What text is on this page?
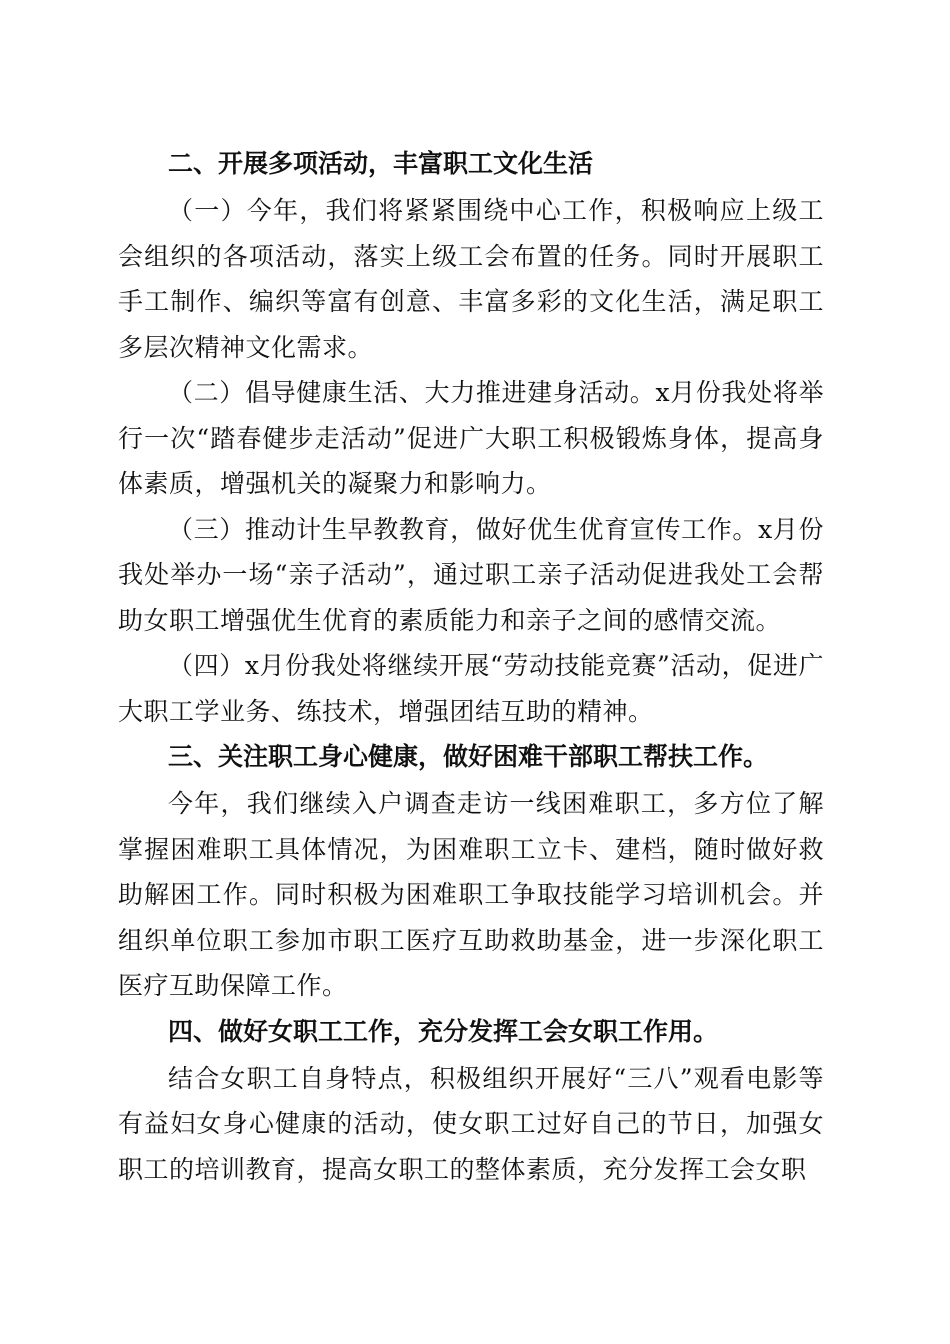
二、开展多项活动，丰富职工文化生活

（一）今年，我们将紧紧围绕中心工作，积极响应上级工会组织的各项活动，落实上级工会布置的任务。同时开展职工手工制作、编织等富有创意、丰富多彩的文化生活，满足职工多层次精神文化需求。

（二）倡导健康生活、大力推进建身活动。x月份我处将举行一次“踏春健步走活动”促进广大职工积极锻炼身体，提高身体素质，增强机关的凝聚力和影响力。

（三）推动计生早教教育，做好优生优育宣传工作。x月份我处举办一场“亲子活动”，通过职工亲子活动促进我处工会帮助女职工增强优生优育的素质能力和亲子之间的感情交流。

（四）x月份我处将继续开展“劳动技能竞赛”活动，促进广大职工学业务、练技术，增强团结互助的精神。

三、关注职工身心健康，做好困难干部职工帮扶工作。

今年，我们继续入户调查走访一线困难职工，多方位了解掌握困难职工具体情况，为困难职工立卡、建档，随时做好救助解困工作。同时积极为困难职工争取技能学习培训机会。并组织单位职工参加市职工医疗互助救助基金，进一步深化职工医疗互助保障工作。

四、做好女职工工作，充分发挥工会女职工作用。

结合女职工自身特点，积极组织开展好“三八”观看电影等有益妇女身心健康的活动，使女职工过好自己的节日，加强女职工的培训教育，提高女职工的整体素质，充分发挥工会女职
